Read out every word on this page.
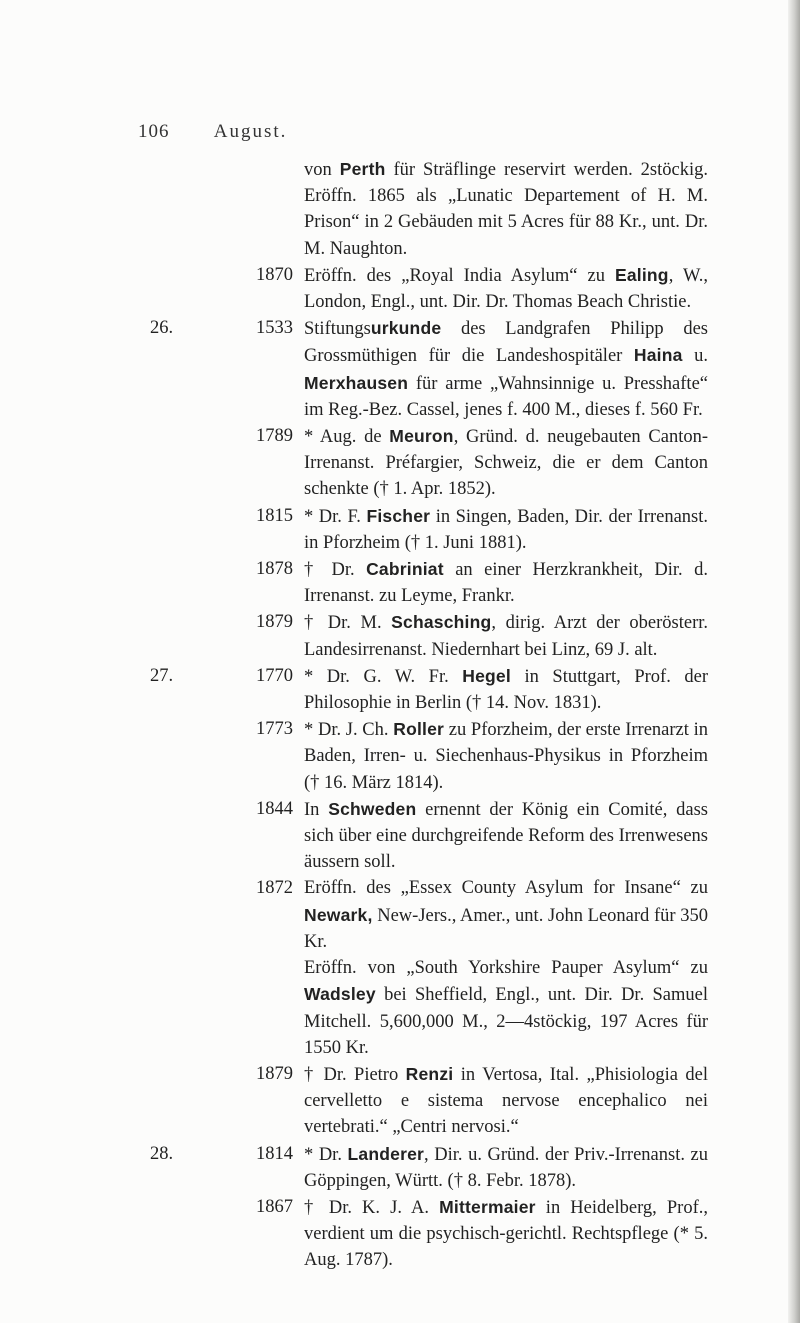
106 August.
von Perth für Sträflinge reservirt werden. 2stöckig. Eröffn. 1865 als „Lunatic Departement of H. M. Prison“ in 2 Gebäuden mit 5 Acres für 88 Kr., unt. Dr. M. Naughton.
1870 Eröffn. des „Royal India Asylum“ zu Ealing, W., London, Engl., unt. Dir. Dr. Thomas Beach Christie.
26.	1533 Stiftungsurkunde des Landgrafen Philipp des Grossmüthigen für die Landeshospitäler Haina u. Merxhausen für arme „Wahnsinnige u. Presshafte“ im Reg.-Bez. Cassel, jenes f. 400 M., dieses f. 560 Fr.
1789 * Aug. de Meuron, Gründ. d. neugebauten Canton-Irrenanst. Préfargier, Schweiz, die er dem Canton schenkte († 1. Apr. 1852).
1815 * Dr. F. Fischer in Singen, Baden, Dir. der Irrenanst. in Pforzheim († 1. Juni 1881).
1878 † Dr. Cabriniat an einer Herzkrankheit, Dir. d. Irrenanst. zu Leyme, Frankr.
1879 † Dr. M. Schasching, dirig. Arzt der oberösterr. Landesirrenanst. Niedernhart bei Linz, 69 J. alt.
27.	1770 * Dr. G. W. Fr. Hegel in Stuttgart, Prof. der Philosophie in Berlin († 14. Nov. 1831).
1773 * Dr. J. Ch. Roller zu Pforzheim, der erste Irrenarzt in Baden, Irren- u. Siechenhaus-Physikus in Pforzheim († 16. März 1814).
1844 In Schweden ernennt der König ein Comité, dass sich über eine durchgreifende Reform des Irrenwesens äussern soll.
1872 Eröffn. des „Essex County Asylum for Insane“ zu Newark, New-Jers., Amer., unt. John Leonard für 350 Kr.
Eröffn. von „South Yorkshire Pauper Asylum“ zu Wadsley bei Sheffield, Engl., unt. Dir. Dr. Samuel Mitchell. 5,600,000 M., 2—4stöckig, 197 Acres für 1550 Kr.
1879 † Dr. Pietro Renzi in Vertosa, Ital. „Phisiologia del cervelletto e sistema nervose encephalico nei vertebrati.“ „Centri nervosi.“
28.	1814 * Dr. Landerer, Dir. u. Gründ. der Priv.-Irrenanst. zu Göppingen, Württ. († 8. Febr. 1878).
1867 † Dr. K. J. A. Mittermaier in Heidelberg, Prof., verdient um die psychisch-gerichtl. Rechtspflege (* 5. Aug. 1787).
